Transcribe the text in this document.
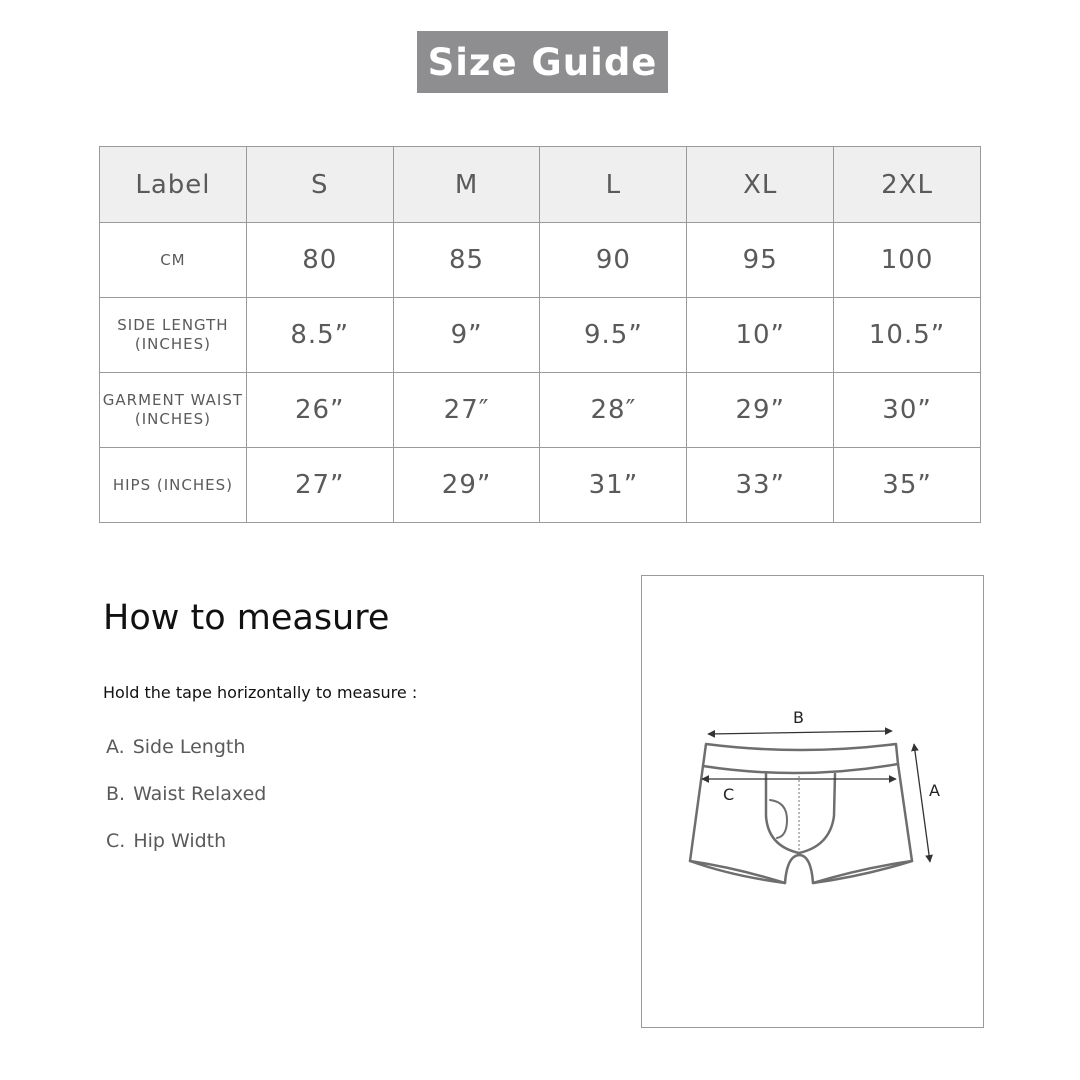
Size Guide
Label	S	M	L	XL	2XL
CM	80	85	90	95	100
SIDE LENGTH (INCHES)	8.5”	9”	9.5”	10”	10.5”
GARMENT WAIST (INCHES)	26”	27″	28″	29”	30”
HIPS (INCHES)	27”	29”	31”	33”	35”
How to measure

Hold the tape horizontally to measure :

A. Side Length
B. Waist Relaxed
C. Hip Width
B
C	A
